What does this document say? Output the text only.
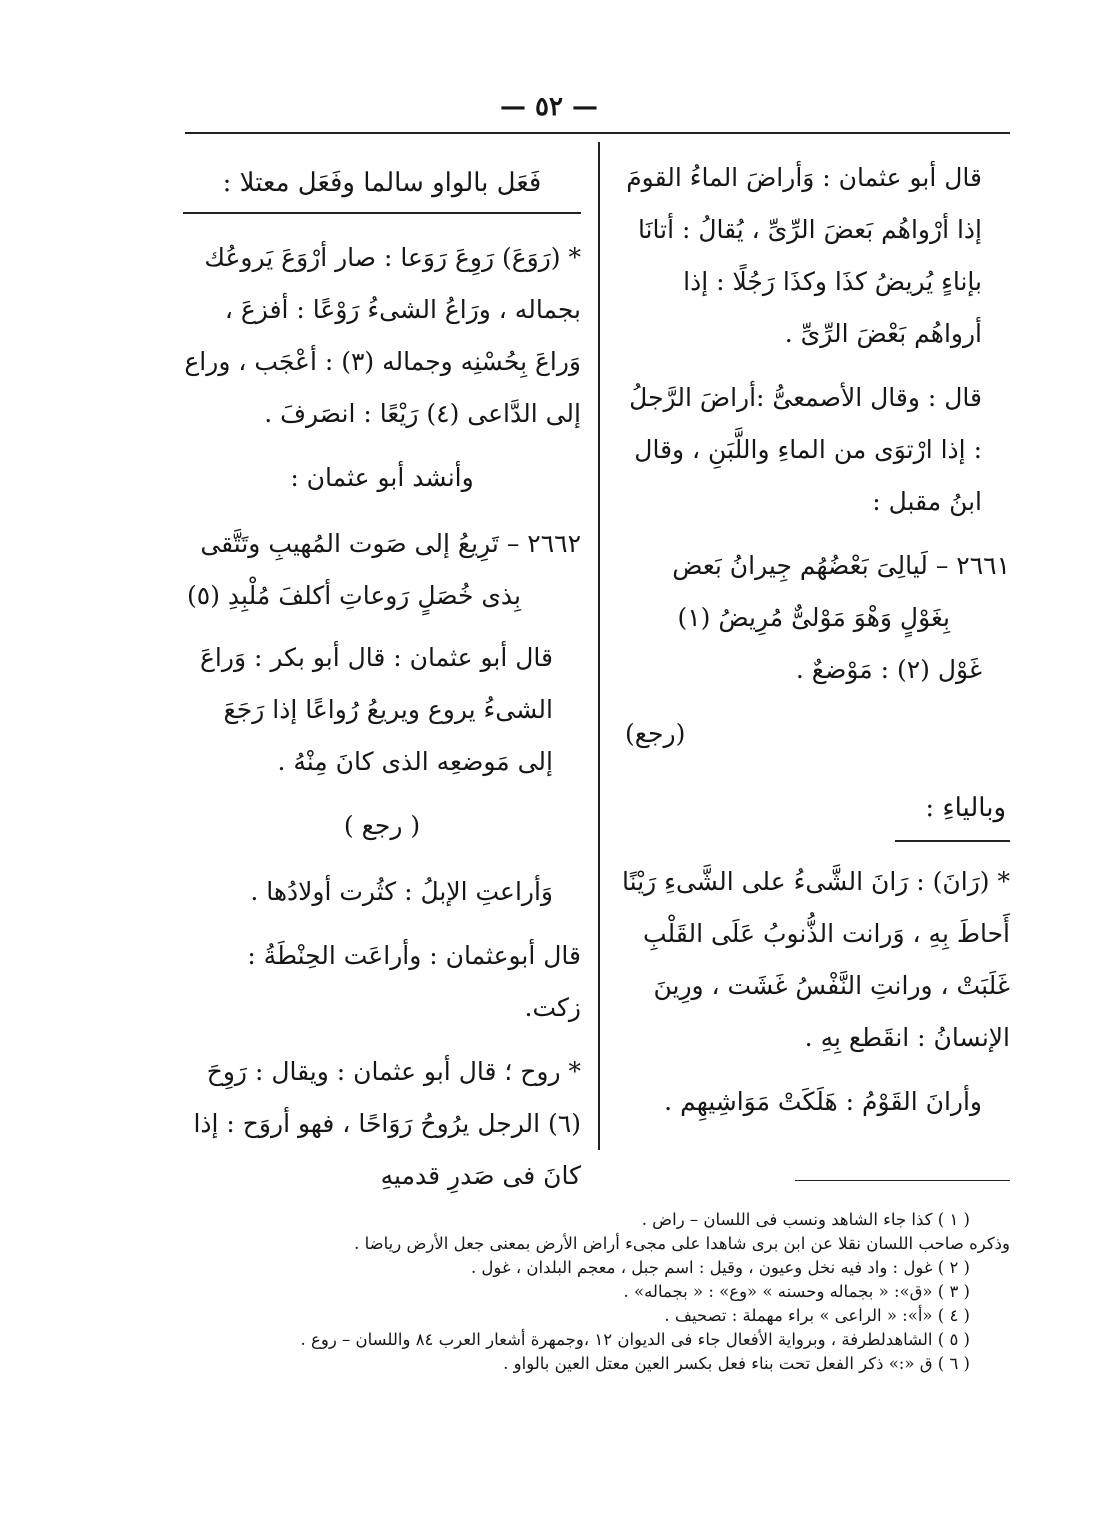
— ٥٢ —

قال أبو عثمان : وَأراضَ الماءُ القومَ إذا أرْواهُم بَعضَ الرِّىِّ ، يُقالُ : أتانَا بإناءٍ يُريضُ كذَا وكذَا رَجُلًا : إذا أرواهُم بَعْضَ الرِّىِّ .

قال : وقال الأصمعىُّ :أراضَ الرَّجلُ : إذا ارْتوَى من الماءِ واللَّبَنِ ، وقال ابنُ مقبل :

٢٦٦١ – لَيالِىَ بَعْضُهُم جِيرانُ بَعض

بِغَوْلٍ وَهْوَ مَوْلىٌّ مُرِيضُ (١)

غَوْل (٢) : مَوْضعٌ .

(رجع)

وبالياءِ :

* (رَانَ) : رَانَ الشَّىءُ على الشَّىءِ رَيْنًا أَحاطَ بِهِ ، وَرانت الذُّنوبُ عَلَى القَلْبِ غَلَبَتْ ، ورانتِ النَّفْسُ غَشَت ، ورِينَ الإنسانُ : انقَطع بِهِ .

وأرانَ القَوْمُ : هَلَكَتْ مَوَاشِيهِم .

فَعَل بالواو سالما وفَعَل معتلا :

* (رَوَعَ) رَوِعَ رَوَعا : صار أرْوَعَ يَروعُك بجماله ، ورَاعُ الشىءُ رَوْعًا : أفزعَ ، وَراعَ بِحُسْنِه وجماله (٣) : أعْجَب ، وراع إلى الدَّاعى (٤) رَيْعًا : انصَرفَ .

وأنشد أبو عثمان :

٢٦٦٢ – تَرِيعُ إلى صَوت المُهيبِ وتَتَّقى

بِذى خُصَلٍ رَوعاتِ أكلفَ مُلْبِدِ (٥)

قال أبو عثمان : قال أبو بكر : وَراعَ الشىءُ يروع ويريعُ رُواعًا إذا رَجَعَ إلى مَوضعِه الذى كانَ مِنْهُ .

( رجع )

وَأراعتِ الإبلُ : كثُرت أولادُها .

قال أبوعثمان : وأراعَت الحِنْطَةُ : زكت.

* روح ؛ قال أبو عثمان : ويقال : رَوِحَ (٦) الرجل يرُوحُ رَوَاحًا ، فهو أروَح : إذا كانَ فى صَدرِ قدميهِ

( ١ ) كذا جاء الشاهد ونسب فى اللسان – راض .

وذكره صاحب اللسان نقلا عن ابن برى شاهدا على مجىء أراض الأرض بمعنى جعل الأرض رياضا .

( ٢ ) غول : واد فيه نخل وعيون ، وقيل : اسم جبل ، معجم البلدان ، غول .

( ٣ ) «ق»: « بجماله وحسنه » «وع» : « بجماله» .

( ٤ ) «أ»: « الراعى » براء مهملة : تصحيف .

( ٥ ) الشاهدلطرفة ، وبرواية الأفعال جاء فى الديوان ١٢ ،وجمهرة أشعار العرب ٨٤ واللسان – روع .

( ٦ ) ق «:» ذكر الفعل تحت بناء فعل بكسر العين معتل العين بالواو .
